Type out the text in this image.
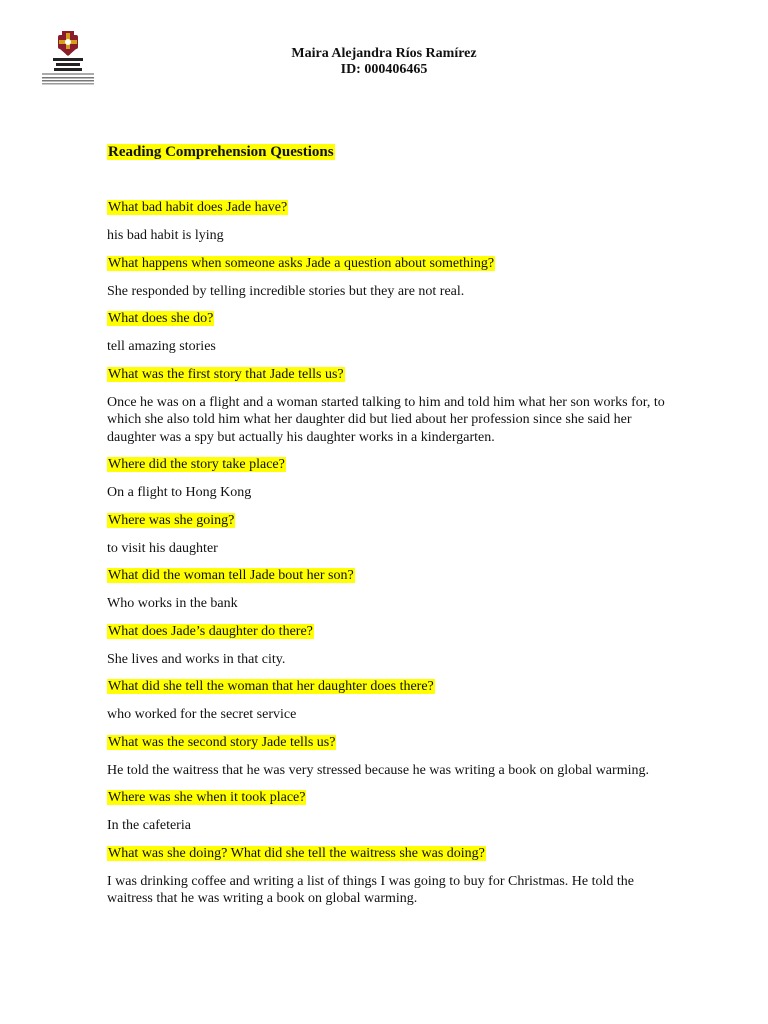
Maira Alejandra Ríos Ramírez
ID: 000406465
Reading Comprehension Questions
What bad habit does Jade have?
his bad habit is lying
What happens when someone asks Jade a question about something?
She responded by telling incredible stories but they are not real.
What does she do?
tell amazing stories
What was the first story that Jade tells us?
Once he was on a flight and a woman started talking to him and told him what her son works for, to which she also told him what her daughter did but lied about her profession since she said her daughter was a spy but actually his daughter works in a kindergarten.
Where did the story take place?
On a flight to Hong Kong
Where was she going?
to visit his daughter
What did the woman tell Jade bout her son?
Who works in the bank
What does Jade’s daughter do there?
She lives and works in that city.
What did she tell the woman that her daughter does there?
who worked for the secret service
What was the second story Jade tells us?
He told the waitress that he was very stressed because he was writing a book on global warming.
Where was she when it took place?
In the cafeteria
What was she doing? What did she tell the waitress she was doing?
I was drinking coffee and writing a list of things I was going to buy for Christmas. He told the waitress that he was writing a book on global warming.
